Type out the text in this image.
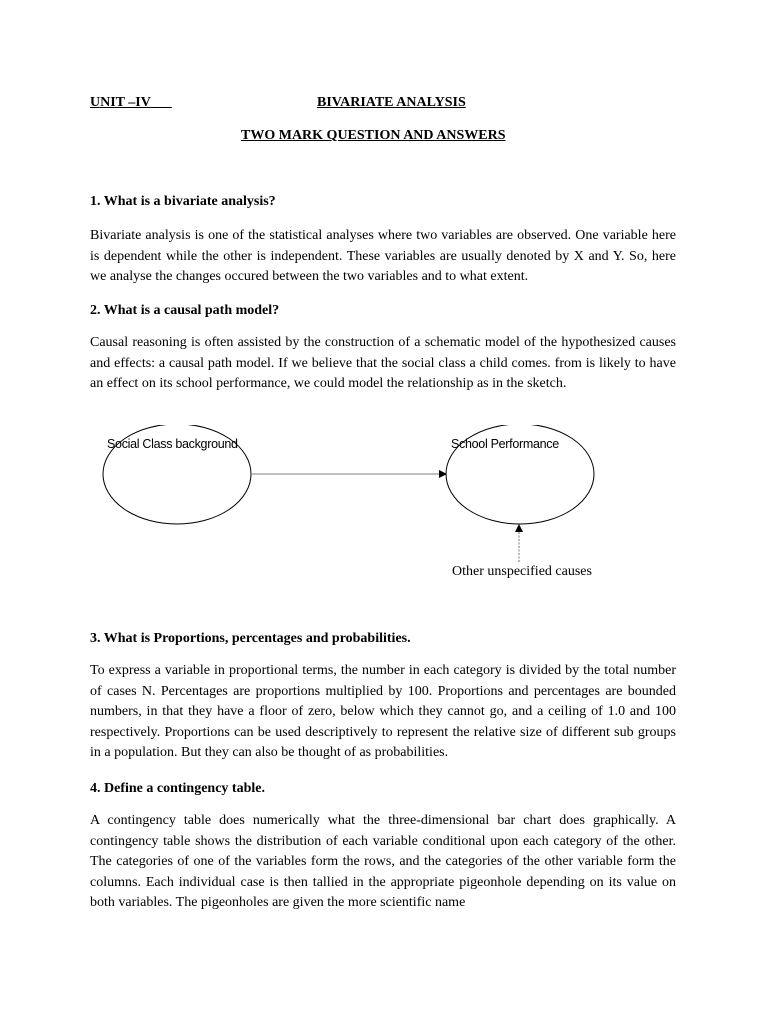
UNIT –IV	BIVARIATE ANALYSIS
TWO MARK QUESTION AND ANSWERS

1. What is a bivariate analysis?

Bivariate analysis is one of the statistical analyses where two variables are observed. One variable here is dependent while the other is independent. These variables are usually denoted by X and Y. So, here we analyse the changes occured between the two variables and to what extent.

2. What is a causal path model?

Causal reasoning is often assisted by the construction of a schematic model of the hypothesized causes and effects: a causal path model. If we believe that the social class a child comes. from is likely to have an effect on its school performance, we could model the relationship as in the sketch.

Social Class background	School Performance
Other unspecified causes

3. What is Proportions, percentages and probabilities.

To express a variable in proportional terms, the number in each category is divided by the total number of cases N. Percentages are proportions multiplied by 100. Proportions and percentages are bounded numbers, in that they have a floor of zero, below which they cannot go, and a ceiling of 1.0 and 100 respectively. Proportions can be used descriptively to represent the relative size of different sub groups in a population. But they can also be thought of as probabilities.

4. Define a contingency table.

A contingency table does numerically what the three-dimensional bar chart does graphically. A contingency table shows the distribution of each variable conditional upon each category of the other. The categories of one of the variables form the rows, and the categories of the other variable form the columns. Each individual case is then tallied in the appropriate pigeonhole depending on its value on both variables. The pigeonholes are given the more scientific name
